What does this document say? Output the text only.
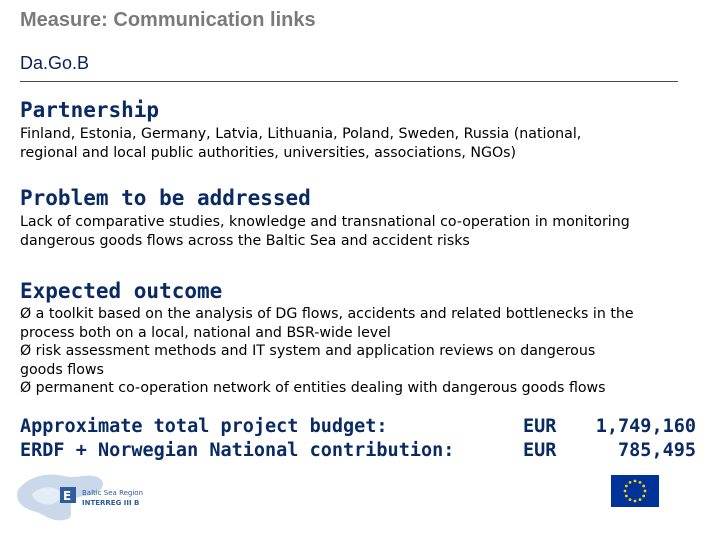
Measure: Communication links
Da.Go.B
Partnership
Finland, Estonia, Germany, Latvia, Lithuania, Poland, Sweden, Russia (national,
regional and local public authorities, universities, associations, NGOs)
Problem to be addressed
Lack of comparative studies, knowledge and transnational co-operation in monitoring
dangerous goods flows across the Baltic Sea and accident risks
Expected outcome
Ø a toolkit based on the analysis of DG flows, accidents and related bottlenecks in the
process both on a local, national and BSR-wide level
Ø risk assessment methods and IT system and application reviews on dangerous
goods flows
Ø permanent co-operation network of entities dealing with dangerous goods flows
Approximate total project budget:
ERDF + Norwegian National contribution:
EUR
EUR
1,749,160
785,495
E Baltic Sea Region
INTERREG III B
